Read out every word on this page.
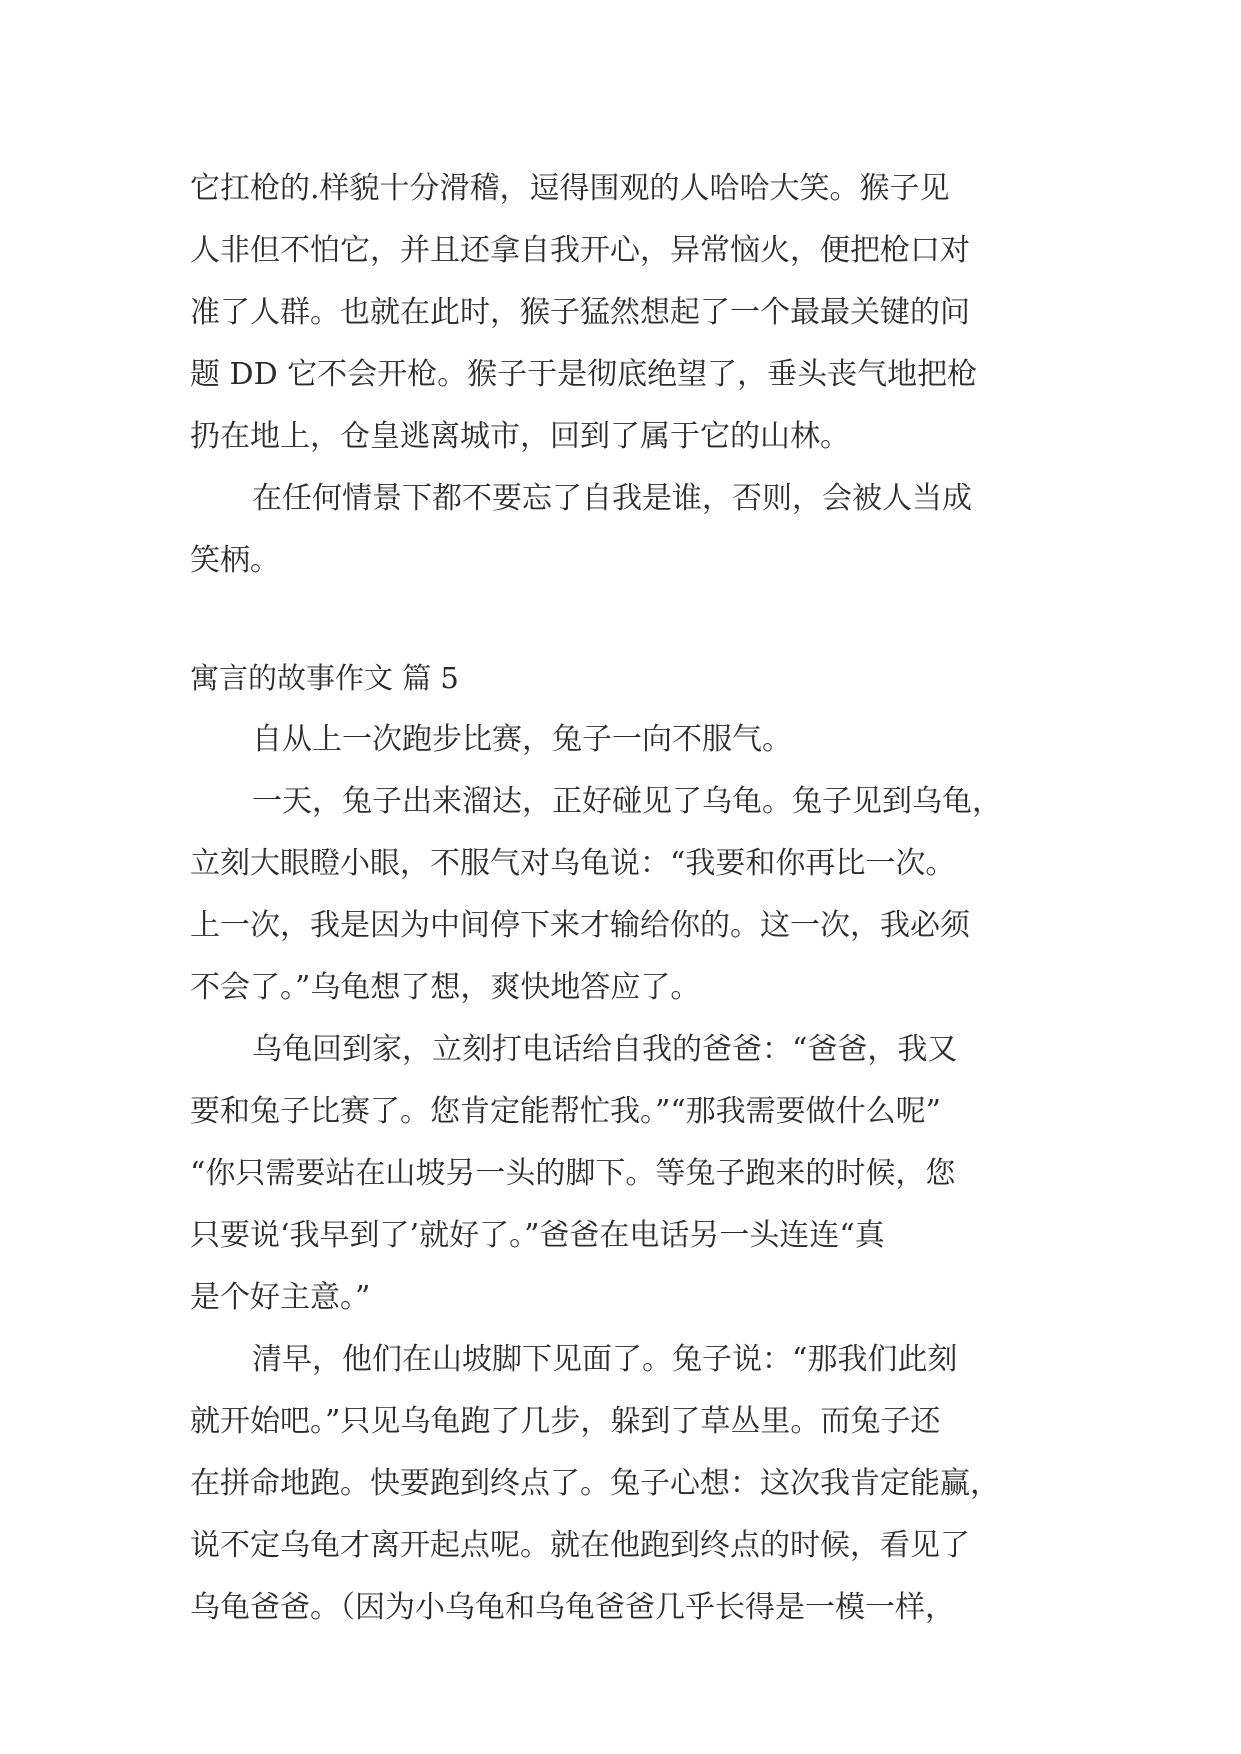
它扛枪的.样貌十分滑稽，逗得围观的人哈哈大笑。猴子见
人非但不怕它，并且还拿自我开心，异常恼火，便把枪口对
准了人群。也就在此时，猴子猛然想起了一个最最关键的问
题 DD 它不会开枪。猴子于是彻底绝望了，垂头丧气地把枪
扔在地上，仓皇逃离城市，回到了属于它的山林。
在任何情景下都不要忘了自我是谁，否则，会被人当成
笑柄。
寓言的故事作文 篇 5
自从上一次跑步比赛，兔子一向不服气。
一天，兔子出来溜达，正好碰见了乌龟。兔子见到乌龟，
立刻大眼瞪小眼，不服气对乌龟说：“我要和你再比一次。
上一次，我是因为中间停下来才输给你的。这一次，我必须
不会了。”乌龟想了想，爽快地答应了。
乌龟回到家，立刻打电话给自我的爸爸：“爸爸，我又
要和兔子比赛了。您肯定能帮忙我。”“那我需要做什么呢”
“你只需要站在山坡另一头的脚下。等兔子跑来的时候，您
只要说‘我早到了’就好了。”爸爸在电话另一头连连“真
是个好主意。”
清早，他们在山坡脚下见面了。兔子说：“那我们此刻
就开始吧。”只见乌龟跑了几步，躲到了草丛里。而兔子还
在拼命地跑。快要跑到终点了。兔子心想：这次我肯定能赢，
说不定乌龟才离开起点呢。就在他跑到终点的时候，看见了
乌龟爸爸。（因为小乌龟和乌龟爸爸几乎长得是一模一样，
